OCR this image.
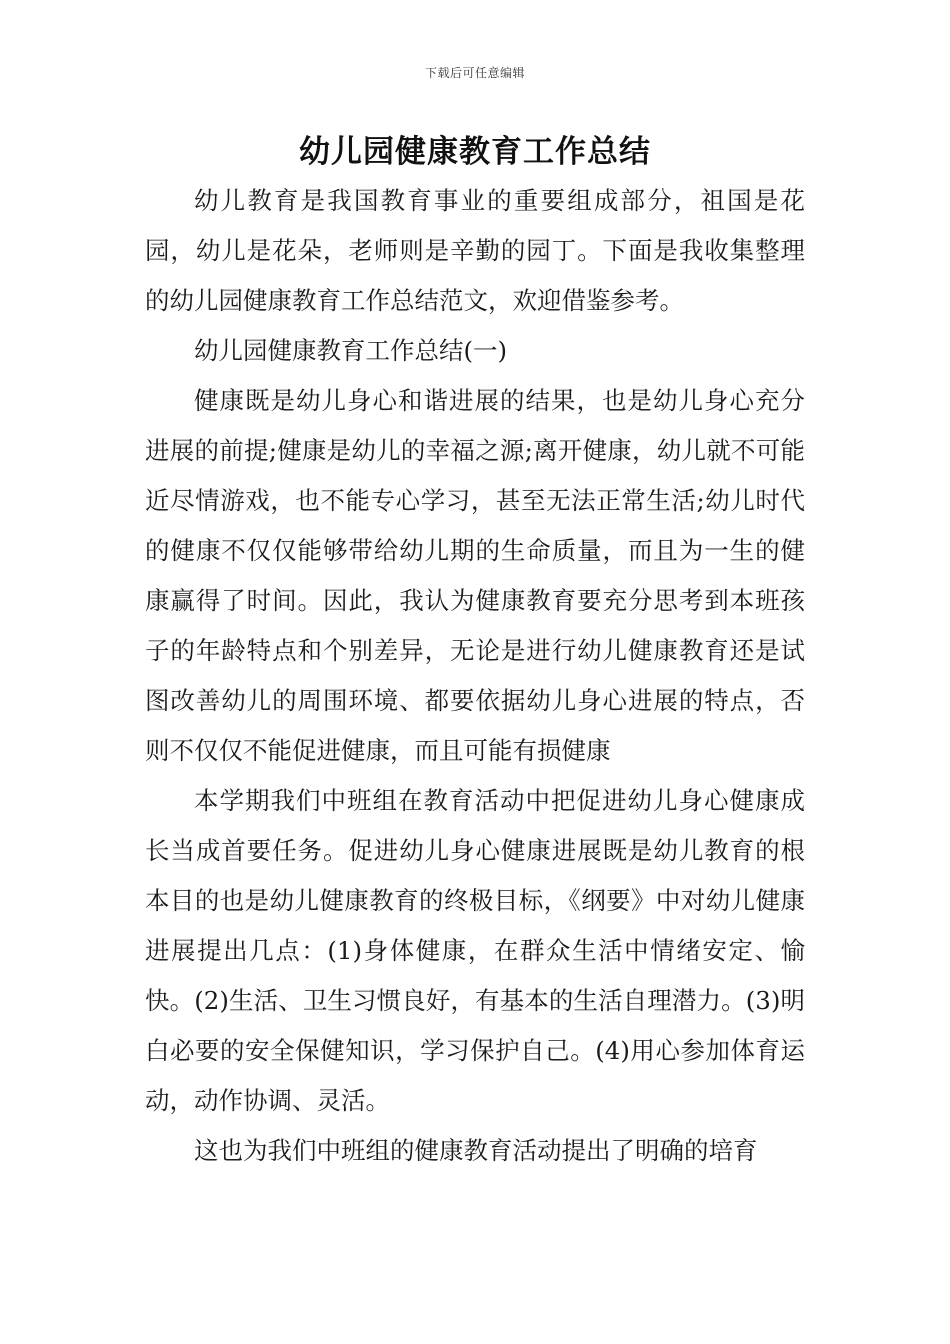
下载后可任意编辑
幼儿园健康教育工作总结

幼儿教育是我国教育事业的重要组成部分，祖国是花园，幼儿是花朵，老师则是辛勤的园丁。下面是我收集整理的幼儿园健康教育工作总结范文，欢迎借鉴参考。

幼儿园健康教育工作总结(一)

健康既是幼儿身心和谐进展的结果，也是幼儿身心充分进展的前提;健康是幼儿的幸福之源;离开健康，幼儿就不可能近尽情游戏，也不能专心学习，甚至无法正常生活;幼儿时代的健康不仅仅能够带给幼儿期的生命质量，而且为一生的健康赢得了时间。因此，我认为健康教育要充分思考到本班孩子的年龄特点和个别差异，无论是进行幼儿健康教育还是试图改善幼儿的周围环境、都要依据幼儿身心进展的特点，否则不仅仅不能促进健康，而且可能有损健康

本学期我们中班组在教育活动中把促进幼儿身心健康成长当成首要任务。促进幼儿身心健康进展既是幼儿教育的根本目的也是幼儿健康教育的终极目标，《纲要》中对幼儿健康进展提出几点：(1)身体健康，在群众生活中情绪安定、愉快。(2)生活、卫生习惯良好，有基本的生活自理潜力。(3)明白必要的安全保健知识，学习保护自己。(4)用心参加体育运动，动作协调、灵活。

这也为我们中班组的健康教育活动提出了明确的培育
